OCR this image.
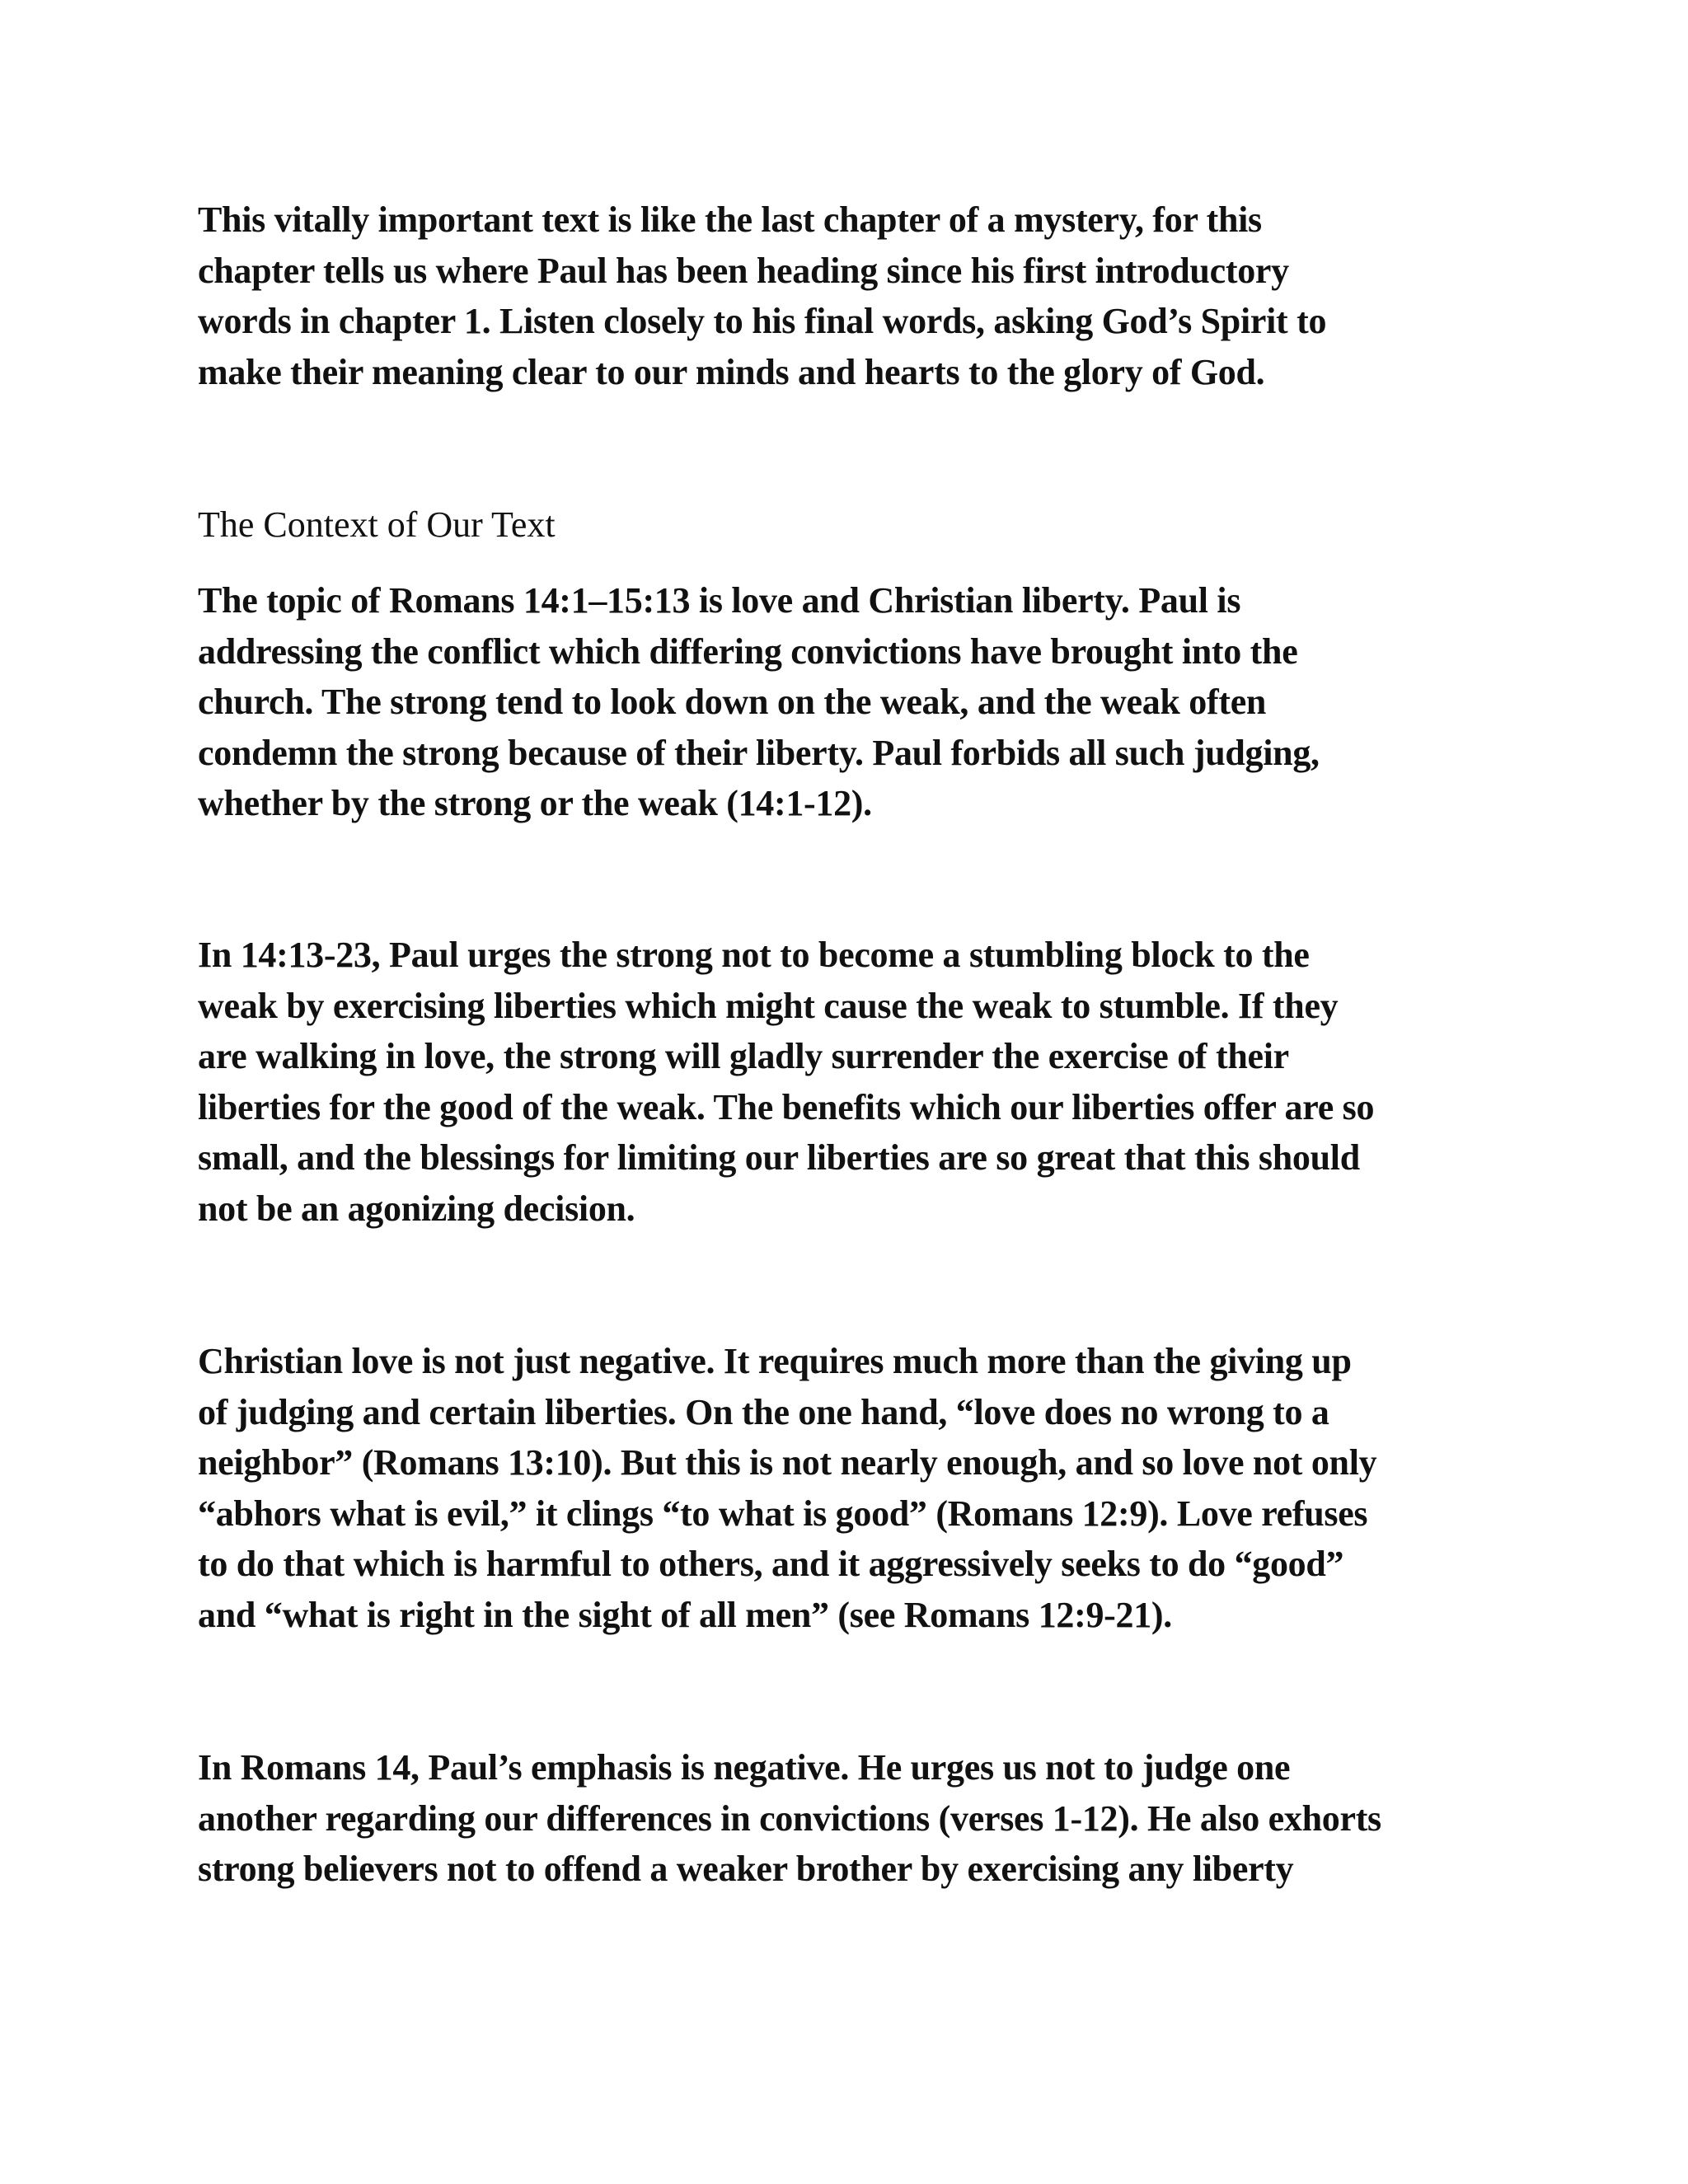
This vitally important text is like the last chapter of a mystery, for this
chapter tells us where Paul has been heading since his first introductory
words in chapter 1. Listen closely to his final words, asking God’s Spirit to
make their meaning clear to our minds and hearts to the glory of God.

The Context of Our Text

The topic of Romans 14:1–15:13 is love and Christian liberty. Paul is
addressing the conflict which differing convictions have brought into the
church. The strong tend to look down on the weak, and the weak often
condemn the strong because of their liberty. Paul forbids all such judging,
whether by the strong or the weak (14:1-12).

In 14:13-23, Paul urges the strong not to become a stumbling block to the
weak by exercising liberties which might cause the weak to stumble. If they
are walking in love, the strong will gladly surrender the exercise of their
liberties for the good of the weak. The benefits which our liberties offer are so
small, and the blessings for limiting our liberties are so great that this should
not be an agonizing decision.

Christian love is not just negative. It requires much more than the giving up
of judging and certain liberties. On the one hand, “love does no wrong to a
neighbor” (Romans 13:10). But this is not nearly enough, and so love not only
“abhors what is evil,” it clings “to what is good” (Romans 12:9). Love refuses
to do that which is harmful to others, and it aggressively seeks to do “good”
and “what is right in the sight of all men” (see Romans 12:9-21).

In Romans 14, Paul’s emphasis is negative. He urges us not to judge one
another regarding our differences in convictions (verses 1-12). He also exhorts
strong believers not to offend a weaker brother by exercising any liberty
